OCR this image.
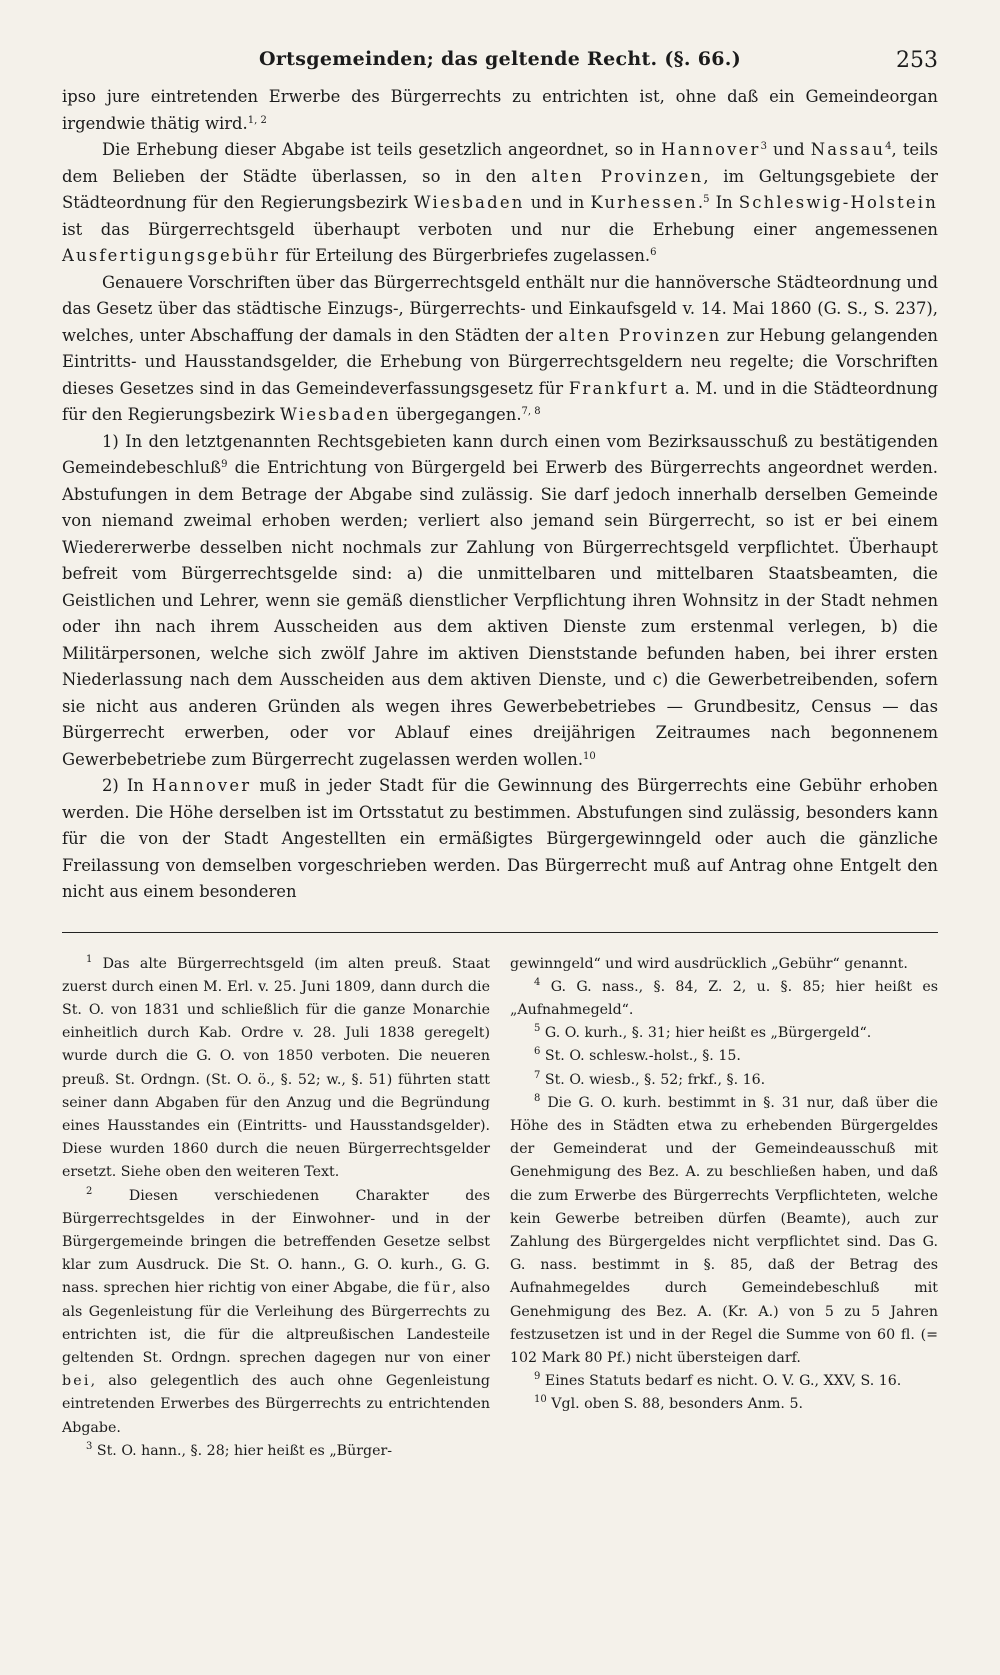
Ortsgemeinden; das geltende Recht. (§. 66.)	253

ipso jure eintretenden Erwerbe des Bürgerrechts zu entrichten ist, ohne daß ein Gemeindeorgan irgendwie thätig wird.$^{1, 2}$

Die Erhebung dieser Abgabe ist teils gesetzlich angeordnet, so in Hannover$^3$ und Nassau$^4$, teils dem Belieben der Städte überlassen, so in den alten Provinzen, im Geltungsgebiete der Städteordnung für den Regierungsbezirk Wiesbaden und in Kurhessen.$^5$ In Schleswig-Holstein ist das Bürgerrechtsgeld überhaupt verboten und nur die Erhebung einer angemessenen Ausfertigungsgebühr für Erteilung des Bürgerbriefes zugelassen.$^6$

Genauere Vorschriften über das Bürgerrechtsgeld enthält nur die hannöversche Städteordnung und das Gesetz über das städtische Einzugs-, Bürgerrechts- und Einkaufsgeld v. 14. Mai 1860 (G. S., S. 237), welches, unter Abschaffung der damals in den Städten der alten Provinzen zur Hebung gelangenden Eintritts- und Hausstandsgelder, die Erhebung von Bürgerrechtsgeldern neu regelte; die Vorschriften dieses Gesetzes sind in das Gemeindeverfassungsgesetz für Frankfurt a. M. und in die Städteordnung für den Regierungsbezirk Wiesbaden übergegangen.$^{7, 8}$

1) In den letztgenannten Rechtsgebieten kann durch einen vom Bezirksausschuß zu bestätigenden Gemeindebeschluß$^9$ die Entrichtung von Bürgergeld bei Erwerb des Bürgerrechts angeordnet werden. Abstufungen in dem Betrage der Abgabe sind zulässig. Sie darf jedoch innerhalb derselben Gemeinde von niemand zweimal erhoben werden; verliert also jemand sein Bürgerrecht, so ist er bei einem Wiedererwerbe desselben nicht nochmals zur Zahlung von Bürgerrechtsgeld verpflichtet. Überhaupt befreit vom Bürgerrechtsgelde sind: a) die unmittelbaren und mittelbaren Staatsbeamten, die Geistlichen und Lehrer, wenn sie gemäß dienstlicher Verpflichtung ihren Wohnsitz in der Stadt nehmen oder ihn nach ihrem Ausscheiden aus dem aktiven Dienste zum erstenmal verlegen, b) die Militärpersonen, welche sich zwölf Jahre im aktiven Dienststande befunden haben, bei ihrer ersten Niederlassung nach dem Ausscheiden aus dem aktiven Dienste, und c) die Gewerbetreibenden, sofern sie nicht aus anderen Gründen als wegen ihres Gewerbebetriebes — Grundbesitz, Census — das Bürgerrecht erwerben, oder vor Ablauf eines dreijährigen Zeitraumes nach begonnenem Gewerbebetriebe zum Bürgerrecht zugelassen werden wollen.$^{10}$

2) In Hannover muß in jeder Stadt für die Gewinnung des Bürgerrechts eine Gebühr erhoben werden. Die Höhe derselben ist im Ortsstatut zu bestimmen. Abstufungen sind zulässig, besonders kann für die von der Stadt Angestellten ein ermäßigtes Bürgergewinngeld oder auch die gänzliche Freilassung von demselben vorgeschrieben werden. Das Bürgerrecht muß auf Antrag ohne Entgelt den nicht aus einem besonderen

$^1$ Das alte Bürgerrechtsgeld (im alten preuß. Staat zuerst durch einen M. Erl. v. 25. Juni 1809, dann durch die St. O. von 1831 und schließlich für die ganze Monarchie einheitlich durch Kab. Ordre v. 28. Juli 1838 geregelt) wurde durch die G. O. von 1850 verboten. Die neueren preuß. St. Ordngn. (St. O. ö., §. 52; w., §. 51) führten statt seiner dann Abgaben für den Anzug und die Begründung eines Hausstandes ein (Eintritts- und Hausstandsgelder). Diese wurden 1860 durch die neuen Bürgerrechtsgelder ersetzt. Siehe oben den weiteren Text.

$^2$	Diesen verschiedenen Charakter des Bürgerrechtsgeldes in der Einwohner- und in der Bürgergemeinde bringen die betreffenden Gesetze selbst klar zum Ausdruck. Die St. O. hann., G. O. kurh., G. G. nass. sprechen hier richtig von einer Abgabe, die für, also als Gegenleistung für die Verleihung des Bürgerrechts zu entrichten ist, die für die altpreußischen Landesteile geltenden St. Ordngn. sprechen dagegen nur von einer bei, also gelegentlich des auch ohne Gegenleistung eintretenden Erwerbes des Bürgerrechts zu entrichtenden Abgabe.

$^3$ St. O. hann., §. 28; hier heißt es „Bürger-

gewinngeld“ und wird ausdrücklich „Gebühr“ genannt.

$^4$ G. G. nass., §. 84, Z. 2, u. §. 85; hier heißt es „Aufnahmegeld“.

$^5$ G. O. kurh., §. 31; hier heißt es „Bürgergeld“.

$^6$ St. O. schlesw.-holst., §. 15.

$^7$ St. O. wiesb., §. 52; frkf., §. 16.

$^8$ Die G. O. kurh. bestimmt in §. 31 nur, daß über die Höhe des in Städten etwa zu erhebenden Bürgergeldes der Gemeinderat und der Gemeindeausschuß mit Genehmigung des Bez. A. zu beschließen haben, und daß die zum Erwerbe des Bürgerrechts Verpflichteten, welche kein Gewerbe betreiben dürfen (Beamte), auch zur Zahlung des Bürgergeldes nicht verpflichtet sind. Das G. G. nass. bestimmt in §. 85, daß der Betrag des Aufnahmegeldes durch Gemeindebeschluß mit Genehmigung des Bez. A. (Kr. A.) von 5 zu 5 Jahren festzusetzen ist und in der Regel die Summe von 60 fl. (= 102 Mark 80 Pf.) nicht übersteigen darf.

$^9$ Eines Statuts bedarf es nicht. O. V. G., XXV, S. 16.

$^{10}$ Vgl. oben S. 88, besonders Anm. 5.
